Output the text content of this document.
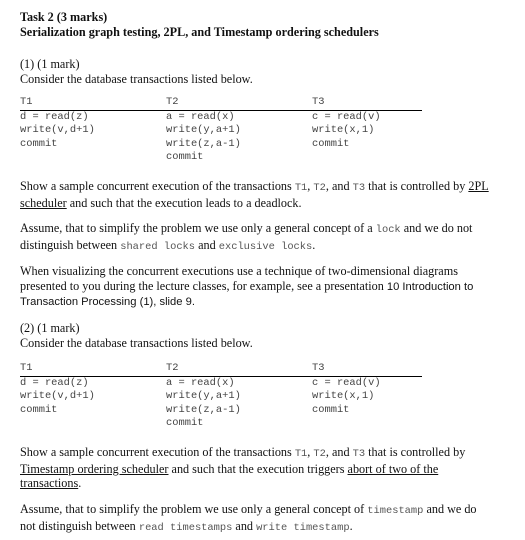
Task 2 (3 marks)
Serialization graph testing, 2PL, and Timestamp ordering schedulers

(1) (1 mark)

Consider the database transactions listed below.

T1	T2	T3
d = read(z)	a = read(x)	c = read(v)
write(v,d+1)	write(y,a+1)	write(x,1)
commit	write(z,a-1)	commit
	commit	

Show a sample concurrent execution of the transactions T1, T2, and T3 that is controlled by 2PL scheduler and such that the execution leads to a deadlock.

Assume, that to simplify the problem we use only a general concept of a lock and we do not distinguish between shared locks and exclusive locks.

When visualizing the concurrent executions use a technique of two-dimensional diagrams presented to you during the lecture classes, for example, see a presentation 10 Introduction to Transaction Processing (1), slide 9.

(2) (1 mark)

Consider the database transactions listed below.

T1	T2	T3
d = read(z)	a = read(x)	c = read(v)
write(v,d+1)	write(y,a+1)	write(x,1)
commit	write(z,a-1)	commit
	commit	

Show a sample concurrent execution of the transactions T1, T2, and T3 that is controlled by Timestamp ordering scheduler and such that the execution triggers abort of two of the transactions.

Assume, that to simplify the problem we use only a general concept of timestamp and we do not distinguish between read timestamps and write timestamp.
